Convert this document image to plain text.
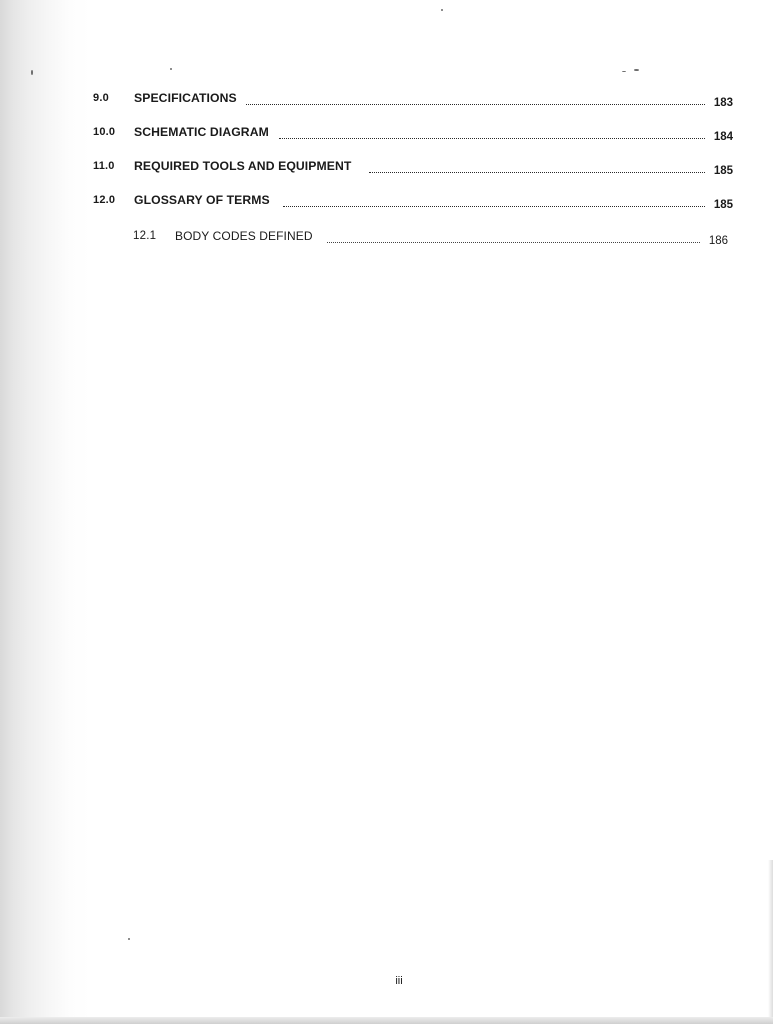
9.0 SPECIFICATIONS	183
10.0 SCHEMATIC DIAGRAM	184
11.0 REQUIRED TOOLS AND EQUIPMENT	185
12.0 GLOSSARY OF TERMS	185
12.1 BODY CODES DEFINED	186
iii
